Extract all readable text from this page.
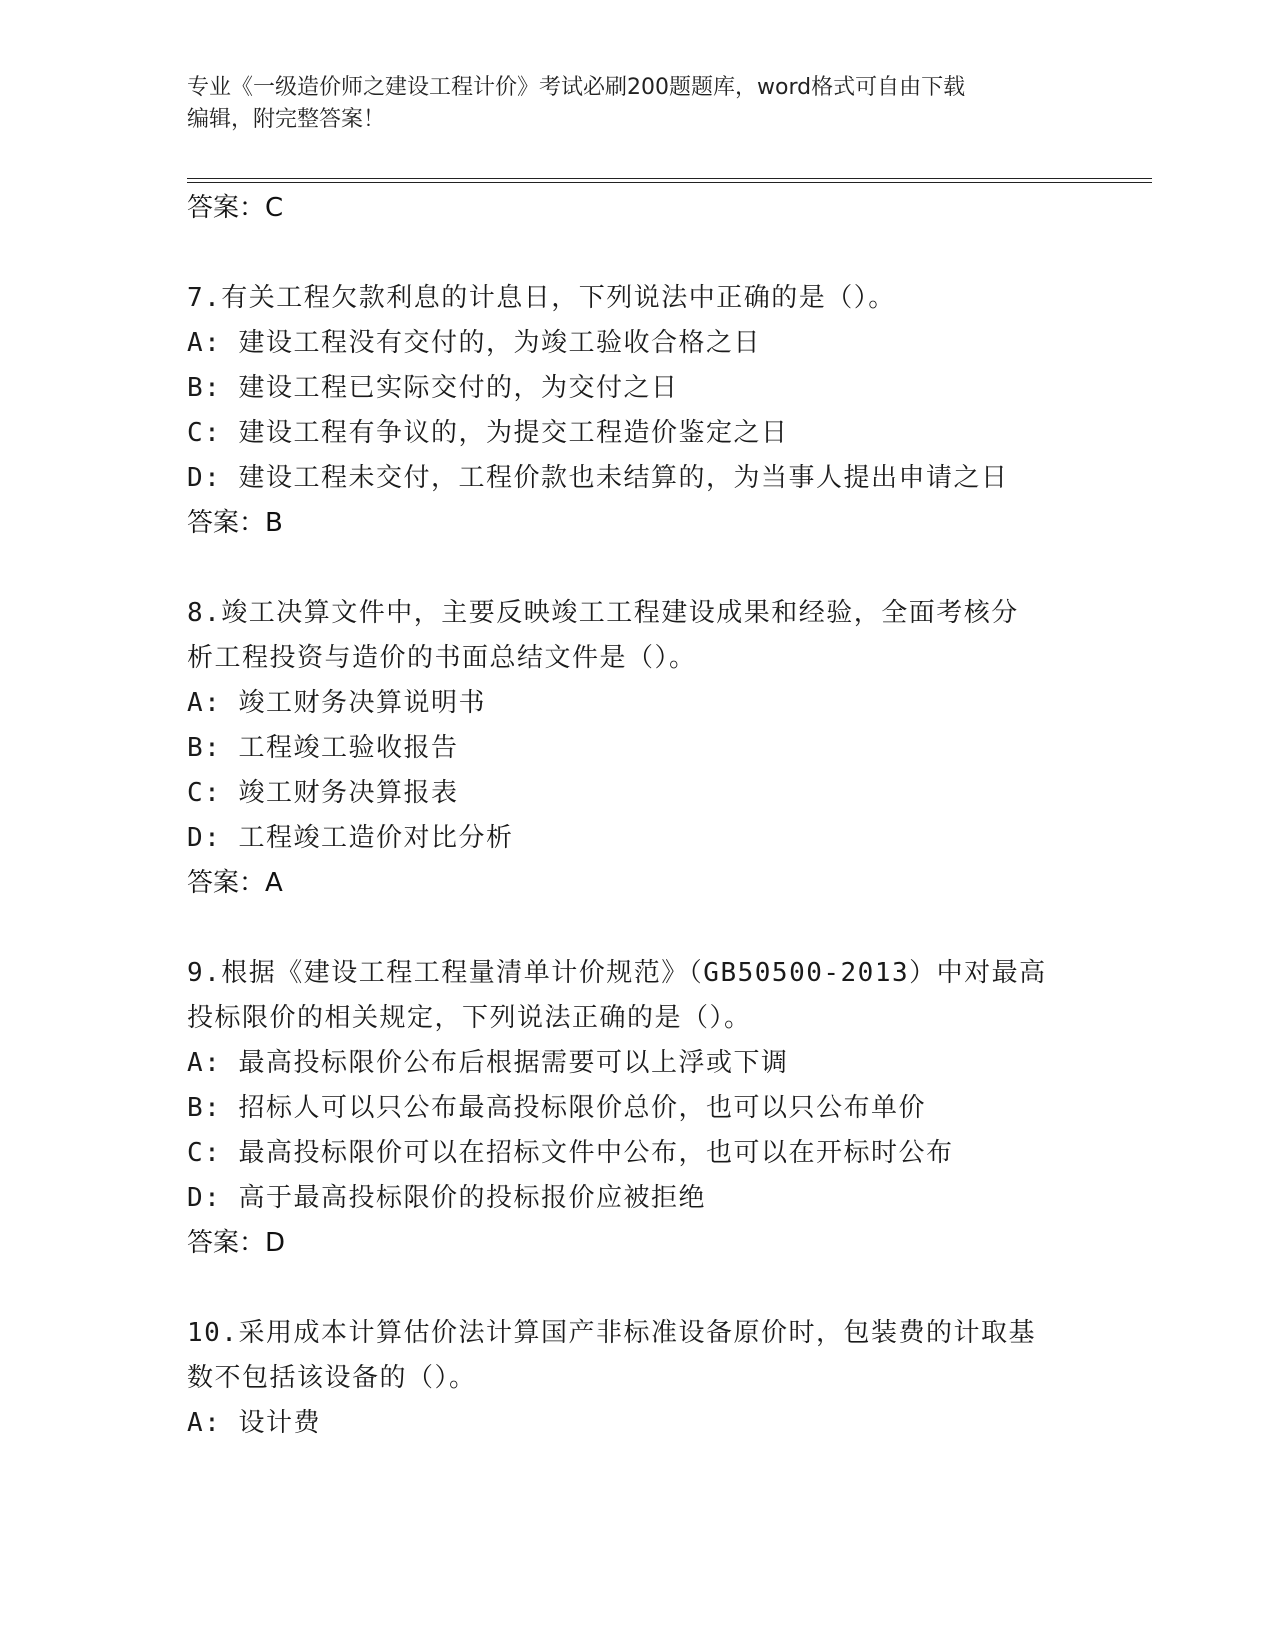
专业《一级造价师之建设工程计价》考试必刷200题题库，word格式可自由下载
编辑，附完整答案！
答案：C
7.有关工程欠款利息的计息日，下列说法中正确的是（）。
A: 建设工程没有交付的，为竣工验收合格之日
B: 建设工程已实际交付的，为交付之日
C: 建设工程有争议的，为提交工程造价鉴定之日
D: 建设工程未交付，工程价款也未结算的，为当事人提出申请之日
答案：B
8.竣工决算文件中，主要反映竣工工程建设成果和经验，全面考核分
析工程投资与造价的书面总结文件是（）。
A: 竣工财务决算说明书
B: 工程竣工验收报告
C: 竣工财务决算报表
D: 工程竣工造价对比分析
答案：A
9.根据《建设工程工程量清单计价规范》（GB50500-2013）中对最高
投标限价的相关规定，下列说法正确的是（）。
A: 最高投标限价公布后根据需要可以上浮或下调
B: 招标人可以只公布最高投标限价总价，也可以只公布单价
C: 最高投标限价可以在招标文件中公布，也可以在开标时公布
D: 高于最高投标限价的投标报价应被拒绝
答案：D
10.采用成本计算估价法计算国产非标准设备原价时，包装费的计取基
数不包括该设备的（）。
A: 设计费
